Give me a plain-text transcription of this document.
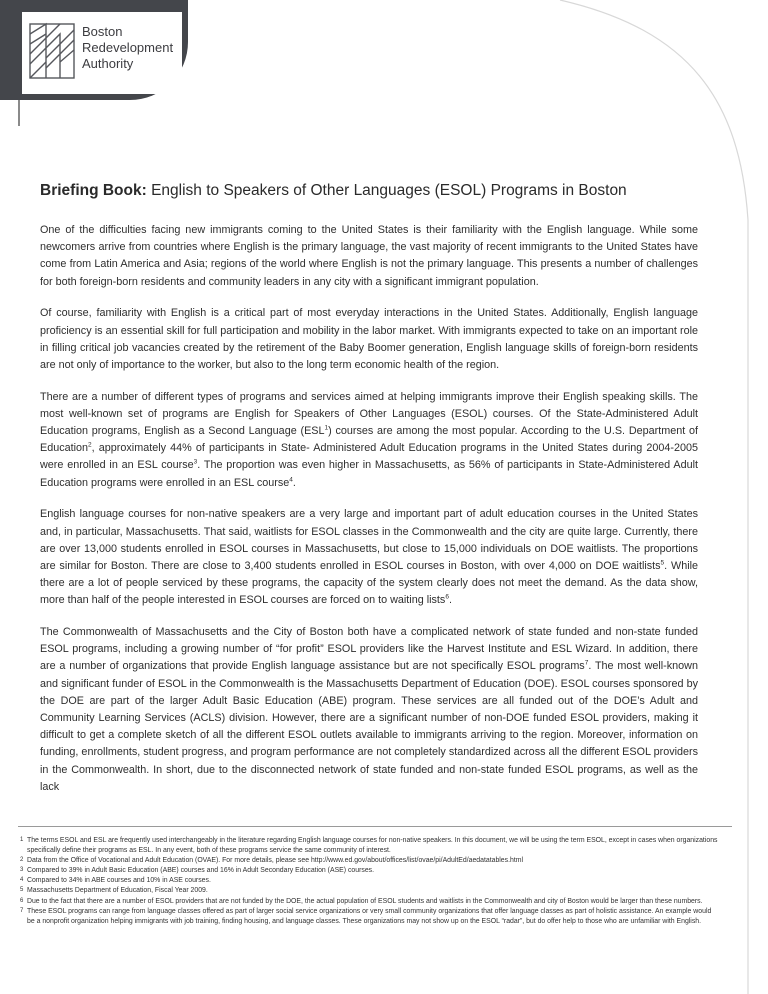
Boston
Redevelopment
Authority
Briefing Book: English to Speakers of Other Languages (ESOL) Programs in Boston

One of the difficulties facing new immigrants coming to the United States is their familiarity with the English language. While some newcomers arrive from countries where English is the primary language, the vast majority of recent immigrants to the United States have come from Latin America and Asia; regions of the world where English is not the primary language. This presents a number of challenges for both foreign-born residents and community leaders in any city with a significant immigrant population.

Of course, familiarity with English is a critical part of most everyday interactions in the United States. Additionally, English language proficiency is an essential skill for full participation and mobility in the labor market. With immigrants expected to take on an important role in filling critical job vacancies created by the retirement of the Baby Boomer generation, English language skills of foreign-born residents are not only of importance to the worker, but also to the long term economic health of the region.

There are a number of different types of programs and services aimed at helping immigrants improve their English speaking skills. The most well-known set of programs are English for Speakers of Other Languages (ESOL) courses. Of the State-Administered Adult Education programs, English as a Second Language (ESL$^1$) courses are among the most popular. According to the U.S. Department of Education$^2$, approximately 44% of participants in State- Administered Adult Education programs in the United States during 2004-2005 were enrolled in an ESL course$^3$. The proportion was even higher in Massachusetts, as 56% of participants in State-Administered Adult Education programs were enrolled in an ESL course$^4$.

English language courses for non-native speakers are a very large and important part of adult education courses in the United States and, in particular, Massachusetts. That said, waitlists for ESOL classes in the Commonwealth and the city are quite large. Currently, there are over 13,000 students enrolled in ESOL courses in Massachusetts, but close to 15,000 individuals on DOE waitlists. The proportions are similar for Boston. There are close to 3,400 students enrolled in ESOL courses in Boston, with over 4,000 on DOE waitlists$^5$. While there are a lot of people serviced by these programs, the capacity of the system clearly does not meet the demand. As the data show, more than half of the people interested in ESOL courses are forced on to waiting lists$^6$.

The Commonwealth of Massachusetts and the City of Boston both have a complicated network of state funded and non-state funded ESOL programs, including a growing number of “for profit” ESOL providers like the Harvest Institute and ESL Wizard. In addition, there are a number of organizations that provide English language assistance but are not specifically ESOL programs$^7$. The most well-known and significant funder of ESOL in the Commonwealth is the Massachusetts Department of Education (DOE). ESOL courses sponsored by the DOE are part of the larger Adult Basic Education (ABE) program. These services are all funded out of the DOE’s Adult and Community Learning Services (ACLS) division. However, there are a significant number of non-DOE funded ESOL providers, making it difficult to get a complete sketch of all the different ESOL outlets available to immigrants arriving to the region. Moreover, information on funding, enrollments, student progress, and program performance are not completely standardized across all the different ESOL providers in the Commonwealth. In short, due to the disconnected network of state funded and non-state funded ESOL programs, as well as the lack

1 The terms ESOL and ESL are frequently used interchangeably in the literature regarding English language courses for non-native speakers. In this document, we will be using the term ESOL, except in cases when organizations specifically define their programs as ESL. In any event, both of these programs service the same community of interest.
2 Data from the Office of Vocational and Adult Education (OVAE). For more details, please see http://www.ed.gov/about/offices/list/ovae/pi/AdultEd/aedatatables.html
3 Compared to 39% in Adult Basic Education (ABE) courses and 16% in Adult Secondary Education (ASE) courses.
4 Compared to 34% in ABE courses and 10% in ASE courses.
5 Massachusetts Department of Education, Fiscal Year 2009.
6 Due to the fact that there are a number of ESOL providers that are not funded by the DOE, the actual population of ESOL students and waitlists in the Commonwealth and city of Boston would be larger than these numbers.
7 These ESOL programs can range from language classes offered as part of larger social service organizations or very small community organizations that offer language classes as part of holistic assistance. An example would be a nonprofit organization helping immigrants with job training, finding housing, and language classes. These organizations may not show up on the ESOL “radar”, but do offer help to those who are unfamiliar with English.
